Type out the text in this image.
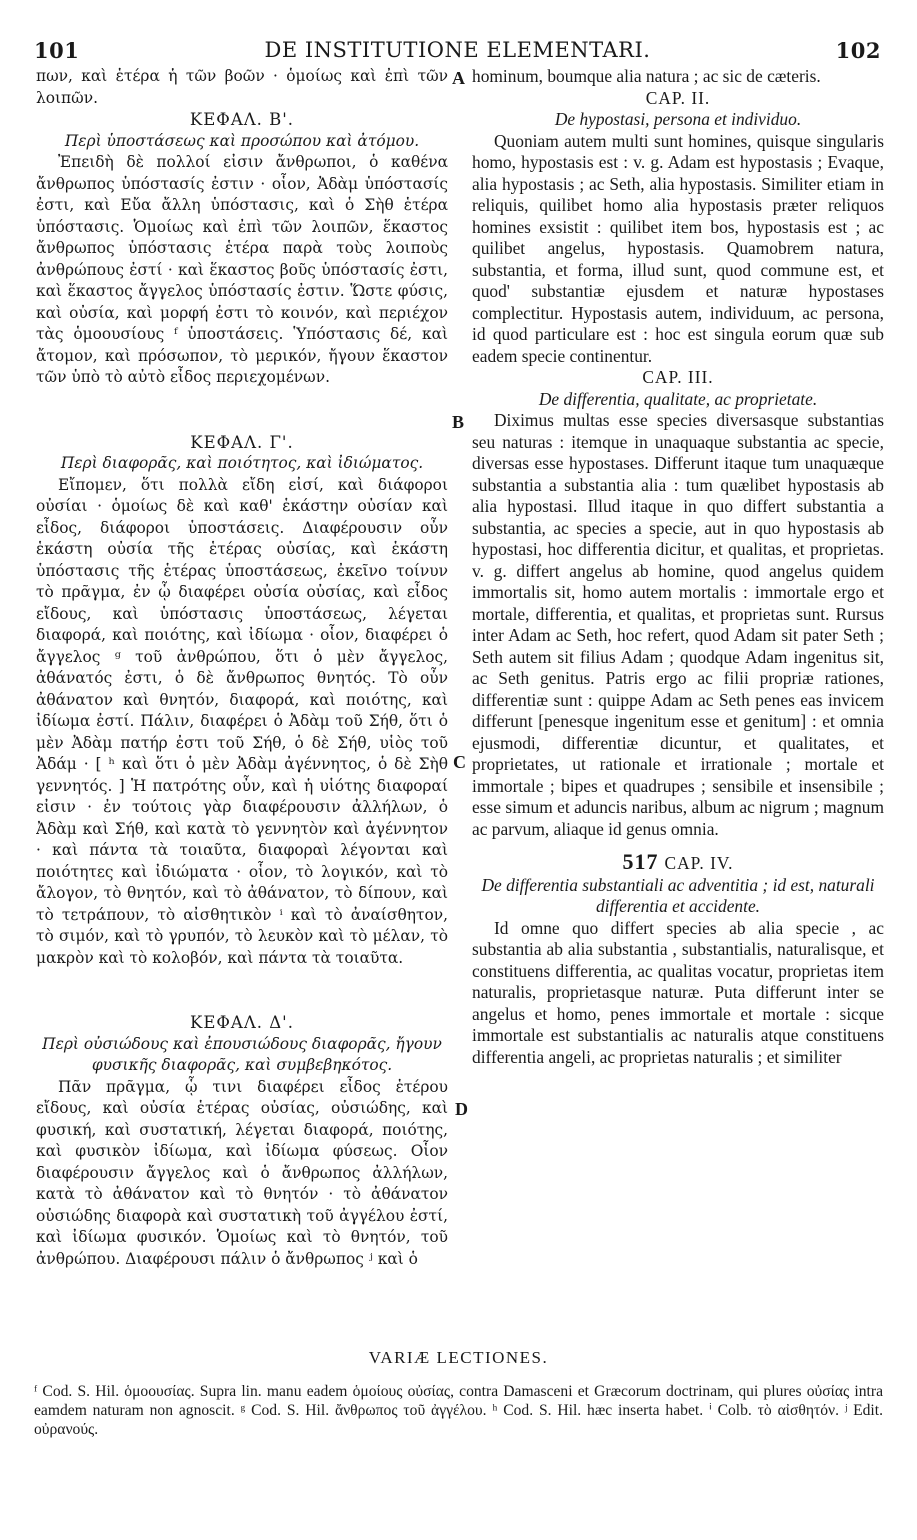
101	DE INSTITUTIONE ELEMENTARI.	102

πων, καὶ ἑτέρα ἡ τῶν βοῶν · ὁμοίως καὶ ἐπὶ τῶν λοιπῶν.

ΚΕΦΑΛ. Β'.
Περὶ ὑποστάσεως καὶ προσώπου καὶ ἀτόμου.

Ἐπειδὴ δὲ πολλοί εἰσιν ἄνθρωποι, ὁ καθένα ἄνθρωπος ὑπόστασίς ἐστιν · οἷον, Ἀδὰμ ὑπόστασίς ἐστι, καὶ Εὔα ἄλλη ὑπόστασις, καὶ ὁ Σὴθ ἑτέρα ὑπόστασις. Ὁμοίως καὶ ἐπὶ τῶν λοιπῶν, ἕκαστος ἄνθρωπος ὑπόστασις ἑτέρα παρὰ τοὺς λοιποὺς ἀνθρώπους ἐστί · καὶ ἕκαστος βοῦς ὑπόστασίς ἐστι, καὶ ἕκαστος ἄγγελος ὑπόστασίς ἐστιν. Ὥστε φύσις, καὶ οὐσία, καὶ μορφή ἐστι τὸ κοινόν, καὶ περιέχον τὰς ὁμοουσίους ᶠ ὑποστάσεις. Ὑπόστασις δέ, καὶ ἄτομον, καὶ πρόσωπον, τὸ μερικόν, ἤγουν ἕκαστον τῶν ὑπὸ τὸ αὐτὸ εἶδος περιεχομένων.

ΚΕΦΑΛ. Γ'.
Περὶ διαφορᾶς, καὶ ποιότητος, καὶ ἰδιώματος.

Εἴπομεν, ὅτι πολλὰ εἴδη εἰσί, καὶ διάφοροι οὐσίαι · ὁμοίως δὲ καὶ καθ' ἑκάστην οὐσίαν καὶ εἶδος, διάφοροι ὑποστάσεις. Διαφέρουσιν οὖν ἑκάστη οὐσία τῆς ἑτέρας οὐσίας, καὶ ἑκάστη ὑπόστασις τῆς ἑτέρας ὑποστάσεως, ἐκεῖνο τοίνυν τὸ πρᾶγμα, ἐν ᾧ διαφέρει οὐσία οὐσίας, καὶ εἶδος εἴδους, καὶ ὑπόστασις ὑποστάσεως, λέγεται διαφορά, καὶ ποιότης, καὶ ἰδίωμα · οἷον, διαφέρει ὁ ἄγγελος ᵍ τοῦ ἀνθρώπου, ὅτι ὁ μὲν ἄγγελος, ἀθάνατός ἐστι, ὁ δὲ ἄνθρωπος θνητός. Τὸ οὖν ἀθάνατον καὶ θνητόν, διαφορά, καὶ ποιότης, καὶ ἰδίωμα ἐστί. Πάλιν, διαφέρει ὁ Ἀδὰμ τοῦ Σήθ, ὅτι ὁ μὲν Ἀδὰμ πατήρ ἐστι τοῦ Σήθ, ὁ δὲ Σήθ, υἱὸς τοῦ Ἀδάμ · [ ʰ καὶ ὅτι ὁ μὲν Ἀδὰμ ἀγέννητος, ὁ δὲ Σὴθ γεννητός. ] Ἡ πατρότης οὖν, καὶ ἡ υἱότης διαφοραί εἰσιν · ἐν τούτοις γὰρ διαφέρουσιν ἀλλήλων, ὁ Ἀδὰμ καὶ Σήθ, καὶ κατὰ τὸ γεννητὸν καὶ ἀγέννητον · καὶ πάντα τὰ τοιαῦτα, διαφοραὶ λέγονται καὶ ποιότητες καὶ ἰδιώματα · οἷον, τὸ λογικόν, καὶ τὸ ἄλογον, τὸ θνητόν, καὶ τὸ ἀθάνατον, τὸ δίπουν, καὶ τὸ τετράπουν, τὸ αἰσθητικὸν ⁱ καὶ τὸ ἀναίσθητον, τὸ σιμόν, καὶ τὸ γρυπόν, τὸ λευκὸν καὶ τὸ μέλαν, τὸ μακρὸν καὶ τὸ κολοβόν, καὶ πάντα τὰ τοιαῦτα.

ΚΕΦΑΛ. Δ'.
Περὶ οὐσιώδους καὶ ἐπουσιώδους διαφορᾶς, ἤγουν φυσικῆς διαφορᾶς, καὶ συμβεβηκότος.

Πᾶν πρᾶγμα, ᾧ τινι διαφέρει εἶδος ἑτέρου εἴδους, καὶ οὐσία ἑτέρας οὐσίας, οὐσιώδης, καὶ φυσική, καὶ συστατική, λέγεται διαφορά, ποιότης, καὶ φυσικὸν ἰδίωμα, καὶ ἰδίωμα φύσεως. Οἷον διαφέρουσιν ἄγγελος καὶ ὁ ἄνθρωπος ἀλλήλων, κατὰ τὸ ἀθάνατον καὶ τὸ θνητόν · τὸ ἀθάνατον οὐσιώδης διαφορὰ καὶ συστατικὴ τοῦ ἀγγέλου ἐστί, καὶ ἰδίωμα φυσικόν. Ὁμοίως καὶ τὸ θνητόν, τοῦ ἀνθρώπου. Διαφέρουσι πάλιν ὁ ἄνθρωπος ʲ καὶ ὁ

A
B
C
D

hominum, boumque alia natura ; ac sic de cæteris.

CAP. II.
De hypostasi, persona et individuo.

Quoniam autem multi sunt homines, quisque singularis homo, hypostasis est : v. g. Adam est hypostasis ; Evaque, alia hypostasis ; ac Seth, alia hypostasis. Similiter etiam in reliquis, quilibet homo alia hypostasis præter reliquos homines exsistit : quilibet item bos, hypostasis est ; ac quilibet angelus, hypostasis. Quamobrem natura, substantia, et forma, illud sunt, quod commune est, et quod' substantiæ ejusdem et naturæ hypostases complectitur. Hypostasis autem, individuum, ac persona, id quod particulare est : hoc est singula eorum quæ sub eadem specie continentur.

CAP. III.
De differentia, qualitate, ac proprietate.

Diximus multas esse species diversasque substantias seu naturas : itemque in unaquaque substantia ac specie, diversas esse hypostases. Differunt itaque tum unaquæque substantia a substantia alia : tum quælibet hypostasis ab alia hypostasi. Illud itaque in quo differt substantia a substantia, ac species a specie, aut in quo hypostasis ab hypostasi, hoc differentia dicitur, et qualitas, et proprietas. v. g. differt angelus ab homine, quod angelus quidem immortalis sit, homo autem mortalis : immortale ergo et mortale, differentia, et qualitas, et proprietas sunt. Rursus inter Adam ac Seth, hoc refert, quod Adam sit pater Seth ; Seth autem sit filius Adam ; quodque Adam ingenitus sit, ac Seth genitus. Patris ergo ac filii propriæ rationes, differentiæ sunt : quippe Adam ac Seth penes eas invicem differunt [penesque ingenitum esse et genitum] : et omnia ejusmodi, differentiæ dicuntur, et qualitates, et proprietates, ut rationale et irrationale ; mortale et immortale ; bipes et quadrupes ; sensibile et insensibile ; esse simum et aduncis naribus, album ac nigrum ; magnum ac parvum, aliaque id genus omnia.

517 CAP. IV.
De differentia substantiali ac adventitia ; id est, naturali differentia et accidente.

Id omne quo differt species ab alia specie , ac substantia ab alia substantia , substantialis, naturalisque, et constituens differentia, ac qualitas vocatur, proprietas item naturalis, proprietasque naturæ. Puta differunt inter se angelus et homo, penes immortale et mortale : sicque immortale est substantialis ac naturalis atque constituens differentia angeli, ac proprietas naturalis ; et similiter

VARIÆ LECTIONES.

ᶠ Cod. S. Hil. ὁμοουσίας. Supra lin. manu eadem ὁμοίους οὐσίας, contra Damasceni et Græcorum doctrinam, qui plures οὐσίας intra eamdem naturam non agnoscit. ᵍ Cod. S. Hil. ἄνθρωπος τοῦ ἀγγέλου. ʰ Cod. S. Hil. hæc inserta habet. ⁱ Colb. τὸ αἰσθητόν. ʲ Edit. οὐρανούς.
